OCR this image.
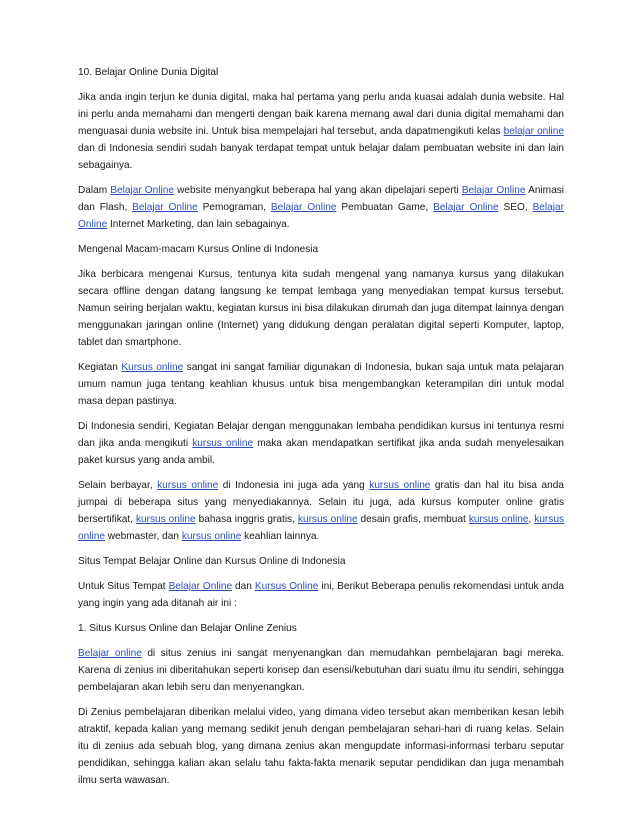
10. Belajar Online Dunia Digital

Jika anda ingin terjun ke dunia digital, maka hal pertama yang perlu anda kuasai adalah dunia website. Hal ini perlu anda memahami dan mengerti dengan baik karena memang awal dari dunia digital memahami dan menguasai dunia website ini. Untuk bisa mempelajari hal tersebut, anda dapatmengikuti kelas belajar online dan di Indonesia sendiri sudah banyak terdapat tempat untuk belajar dalam pembuatan website ini dan lain sebagainya.

Dalam Belajar Online website menyangkut beberapa hal yang akan dipelajari seperti Belajar Online Animasi dan Flash, Belajar Online Pemograman, Belajar Online Pembuatan Game, Belajar Online SEO, Belajar Online Internet Marketing, dan lain sebagainya.

Mengenal Macam-macam Kursus Online di Indonesia

Jika berbicara mengenai Kursus, tentunya kita sudah mengenal yang namanya kursus yang dilakukan secara offline dengan datang langsung ke tempat lembaga yang menyediakan tempat kursus tersebut. Namun seiring berjalan waktu, kegiatan kursus ini bisa dilakukan dirumah dan juga ditempat lainnya dengan menggunakan jaringan online (Internet) yang didukung dengan peralatan digital seperti Komputer, laptop, tablet dan smartphone.

Kegiatan Kursus online sangat ini sangat familiar digunakan di Indonesia, bukan saja untuk mata pelajaran umum namun juga tentang keahlian khusus untuk bisa mengembangkan keterampilan diri untuk modal masa depan pastinya.

Di Indonesia sendiri, Kegiatan Belajar dengan menggunakan lembaha pendidikan kursus ini tentunya resmi dan jika anda mengikuti kursus online maka akan mendapatkan sertifikat jika anda sudah menyelesaikan paket kursus yang anda ambil.

Selain berbayar, kursus online di Indonesia ini juga ada yang kursus online gratis dan hal itu bisa anda jumpai di beberapa situs yang menyediakannya. Selain itu juga, ada kursus komputer online gratis bersertifikat, kursus online bahasa inggris gratis, kursus online desain grafis, membuat kursus online, kursus online webmaster, dan kursus online keahlian lainnya.

Situs Tempat Belajar Online dan Kursus Online di Indonesia

Untuk Situs Tempat Belajar Online dan Kursus Online ini, Berikut Beberapa penulis rekomendasi untuk anda yang ingin yang ada ditanah air ini :

1. Situs Kursus Online dan Belajar Online Zenius

Belajar online di situs zenius ini sangat menyenangkan dan memudahkan pembelajaran bagi mereka. Karena di zenius ini diberitahukan seperti konsep dan esensi/kebutuhan dari suatu ilmu itu sendiri, sehingga pembelajaran akan lebih seru dan menyenangkan.

Di Zenius pembelajaran diberikan melalui video, yang dimana video tersebut akan memberikan kesan lebih atraktif, kepada kalian yang memang sedikit jenuh dengan pembelajaran sehari-hari di ruang kelas. Selain itu di zenius ada sebuah blog, yang dimana zenius akan mengupdate informasi-informasi terbaru seputar pendidikan, sehingga kalian akan selalu tahu fakta-fakta menarik seputar pendidikan dan juga menambah ilmu serta wawasan.
